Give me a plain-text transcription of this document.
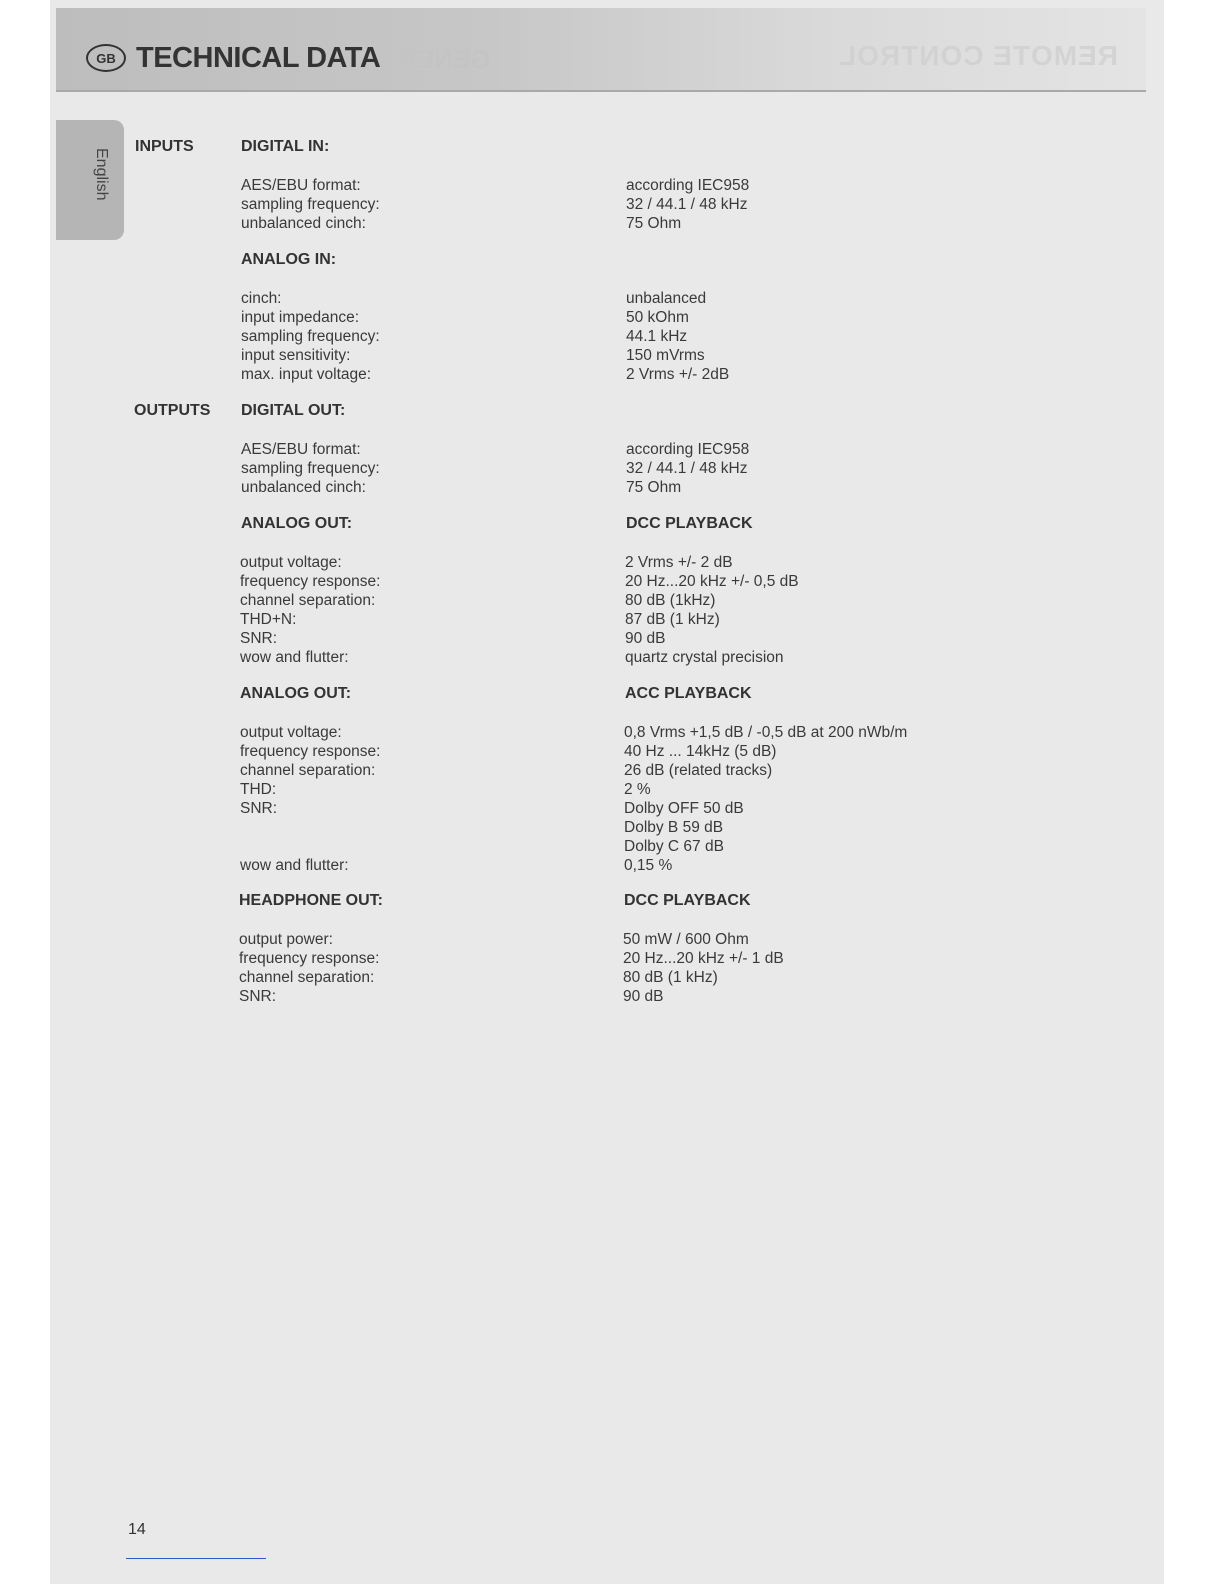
GB TECHNICAL DATA GENER	REMOTE CONTROL
English
INPUTS	DIGITAL IN:
AES/EBU format:	according IEC958
sampling frequency:	32 / 44.1 / 48 kHz
unbalanced cinch:	75 Ohm
ANALOG IN:
cinch:	unbalanced
input impedance:	50 kOhm
sampling frequency:	44.1 kHz
input sensitivity:	150 mVrms
max. input voltage:	2 Vrms +/- 2dB
OUTPUTS DIGITAL OUT:
AES/EBU format:	according IEC958
sampling frequency:	32 / 44.1 / 48 kHz
unbalanced cinch:	75 Ohm
ANALOG OUT:	DCC PLAYBACK
output voltage:	2 Vrms +/- 2 dB
frequency response:	20 Hz...20 kHz +/- 0,5 dB
channel separation:	80 dB (1kHz)
THD+N:	87 dB (1 kHz)
SNR:	90 dB
wow and flutter:	quartz crystal precision
ANALOG OUT:	ACC PLAYBACK
output voltage:	0,8 Vrms +1,5 dB / -0,5 dB at 200 nWb/m
frequency response:	40 Hz ... 14kHz (5 dB)
channel separation:	26 dB (related tracks)
THD:	2 %
SNR:	Dolby OFF 50 dB
Dolby B 59 dB
Dolby C 67 dB
wow and flutter:	0,15 %
HEADPHONE OUT:	DCC PLAYBACK
output power:	50 mW / 600 Ohm
frequency response:	20 Hz...20 kHz +/- 1 dB
channel separation:	80 dB (1 kHz)
SNR:	90 dB
14
